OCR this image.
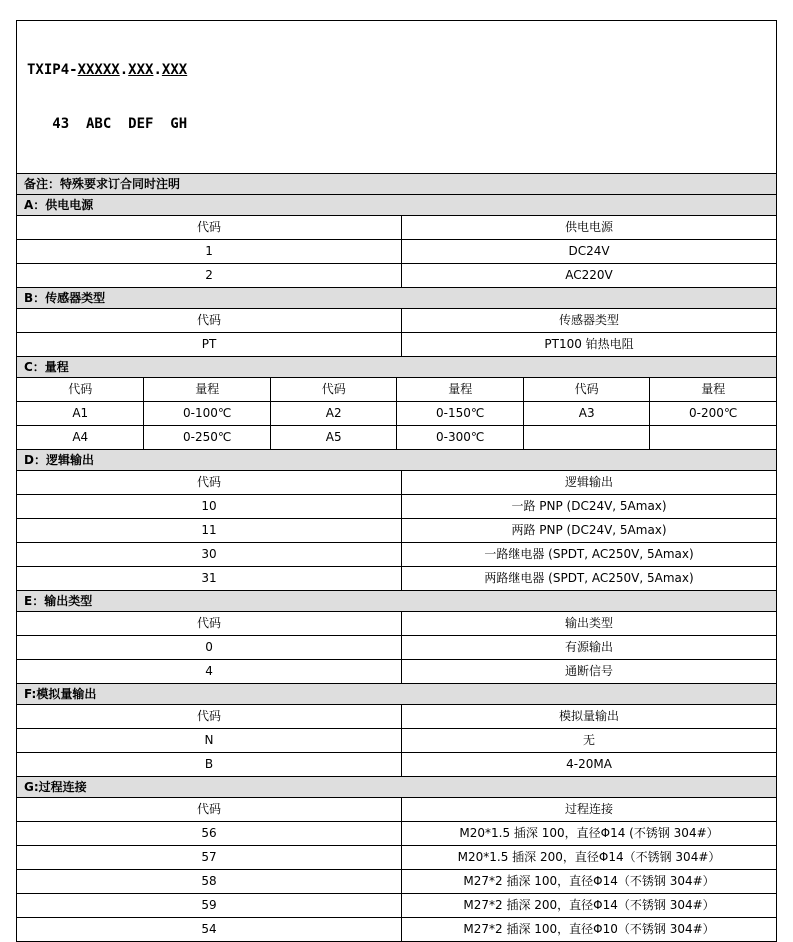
TXIP4-XXXXX.XXX.XXX

43  ABC  DEF  GH

备注：特殊要求订合同时注明
A：供电电源
代码	供电电源
1	DC24V
2	AC220V
B：传感器类型
代码	传感器类型
PT	PT100 铂热电阻
C：量程
代码	量程	代码	量程	代码	量程
A1	0-100℃	A2	0-150℃	A3	0-200℃
A4	0-250℃	A5	0-300℃
D：逻辑输出
代码	逻辑输出
10	一路 PNP (DC24V, 5Amax)
11	两路 PNP (DC24V, 5Amax)
30	一路继电器 (SPDT, AC250V, 5Amax)
31	两路继电器 (SPDT, AC250V, 5Amax)
E：输出类型
代码	输出类型
0	有源输出
4	通断信号
F:模拟量输出
代码	模拟量输出
N	无
B	4-20MA
G:过程连接
代码	过程连接
56	M20*1.5 插深 100，直径Φ14 (不锈钢 304#）
57	M20*1.5 插深 200，直径Φ14（不锈钢 304#）
58	M27*2 插深 100，直径Φ14（不锈钢 304#）
59	M27*2 插深 200，直径Φ14（不锈钢 304#）
54	M27*2 插深 100，直径Φ10（不锈钢 304#）
